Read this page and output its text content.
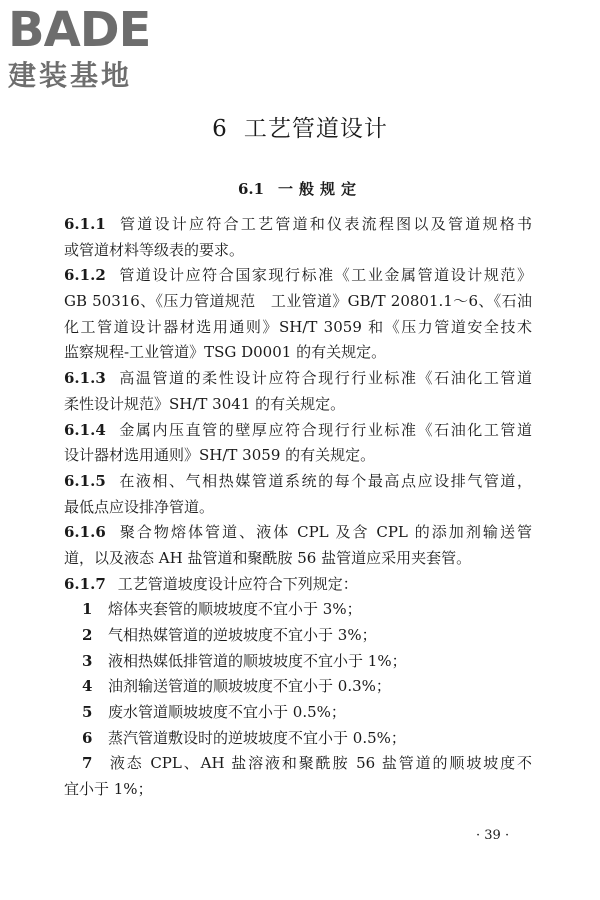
BADE
建装基地
6 工艺管道设计
6.1 一般规定
6.1.1 管道设计应符合工艺管道和仪表流程图以及管道规格书
或管道材料等级表的要求。
6.1.2 管道设计应符合国家现行标准《工业金属管道设计规范》
GB 50316、《压力管道规范　工业管道》GB/T 20801.1～6、《石油
化工管道设计器材选用通则》SH/T 3059 和《压力管道安全技术
监察规程-工业管道》TSG D0001 的有关规定。
6.1.3 高温管道的柔性设计应符合现行行业标准《石油化工管道
柔性设计规范》SH/T 3041 的有关规定。
6.1.4 金属内压直管的壁厚应符合现行行业标准《石油化工管道
设计器材选用通则》SH/T 3059 的有关规定。
6.1.5 在液相、气相热媒管道系统的每个最高点应设排气管道，
最低点应设排净管道。
6.1.6 聚合物熔体管道、液体 CPL 及含 CPL 的添加剂输送管
道，以及液态 AH 盐管道和聚酰胺 56 盐管道应采用夹套管。
6.1.7 工艺管道坡度设计应符合下列规定：
1 熔体夹套管的顺坡坡度不宜小于 3%；
2 气相热媒管道的逆坡坡度不宜小于 3%；
3 液相热媒低排管道的顺坡坡度不宜小于 1%；
4 油剂输送管道的顺坡坡度不宜小于 0.3%；
5 废水管道顺坡坡度不宜小于 0.5%；
6 蒸汽管道敷设时的逆坡坡度不宜小于 0.5%；
7 液态 CPL、AH 盐溶液和聚酰胺 56 盐管道的顺坡坡度不
宜小于 1%；
· 39 ·
